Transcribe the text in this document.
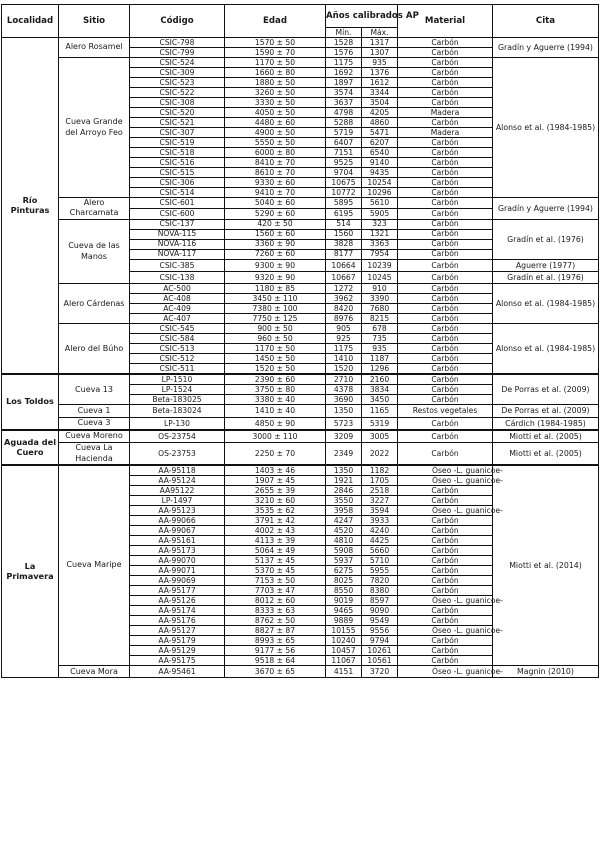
Localidad	Sitio	Código	Edad	Años calibrados AP		Material	Cita
				Mín.	Máx.		
Río Pinturas	Alero Rosamel	CSIC-798	1570 ± 50	1528	1317	Carbón	Gradín y Aguerre (1994)
		CSIC-799	1590 ± 70	1576	1307	Carbón	
	Cueva Grande del Arroyo Feo	CSIC-524	1170 ± 50	1175	935	Carbón	Alonso et al. (1984-1985)
		CSIC-309	1660 ± 80	1692	1376	Carbón	
		CSIC-523	1880 ± 50	1897	1612	Carbón	
		CSIC-522	3260 ± 50	3574	3344	Carbón	
		CSIC-308	3330 ± 50	3637	3504	Carbón	
		CSIC-520	4050 ± 50	4798	4205	Madera	
		CSIC-521	4480 ± 60	5288	4860	Carbón	
		CSIC-307	4900 ± 50	5719	5471	Madera	
		CSIC-519	5550 ± 50	6407	6207	Carbón	
		CSIC-518	6000 ± 80	7151	6540	Carbón	
		CSIC-516	8410 ± 70	9525	9140	Carbón	
		CSIC-515	8610 ± 70	9704	9435	Carbón	
		CSIC-306	9330 ± 60	10675	10254	Carbón	
		CSIC-514	9410 ± 70	10772	10296	Carbón	
	Alero Charcamata	CSIC-601	5040 ± 60	5895	5610	Carbón	Gradín y Aguerre (1994)
		CSIC-600	5290 ± 60	6195	5905	Carbón	
	Cueva de las Manos	CSIC-137	420 ± 50	514	323	Carbón	Gradín et al. (1976)
		NOVA-115	1560 ± 60	1560	1321	Carbón	
		NOVA-116	3360 ± 90	3828	3363	Carbón	
		NOVA-117	7260 ± 60	8177	7954	Carbón	
		CSIC-385	9300 ± 90	10664	10239	Carbón	Aguerre (1977)
		CSIC-138	9320 ± 90	10667	10245	Carbón	Gradín et al. (1976)
	Alero Cárdenas	AC-500	1180 ± 85	1272	910	Carbón	Alonso et al. (1984-1985)
		AC-408	3450 ± 110	3962	3390	Carbón	
		AC-409	7380 ± 100	8420	7680	Carbón	
		AC-407	7750 ± 125	8976	8215	Carbón	
	Alero del Búho	CSIC-545	900 ± 50	905	678	Carbón	Alonso et al. (1984-1985)
		CSIC-584	960 ± 50	925	735	Carbón	
		CSIC-513	1170 ± 50	1175	935	Carbón	
		CSIC-512	1450 ± 50	1410	1187	Carbón	
		CSIC-511	1520 ± 50	1520	1296	Carbón	
Los Toldos	Cueva 13	LP-1510	2390 ± 60	2710	2160	Carbón	De Porras et al. (2009)
		LP-1524	3750 ± 80	4378	3834	Carbón	
		Beta-183025	3380 ± 40	3690	3450	Carbón	
	Cueva 1	Beta-183024	1410 ± 40	1350	1165	Restos vegetales	De Porras et al. (2009)
	Cueva 3	LP-130	4850 ± 90	5723	5319	Carbón	Cárdich (1984-1985)
Aguada del Cuero	Cueva Moreno	OS-23754	3000 ± 110	3209	3005	Carbón	Miotti et al. (2005)
	Cueva La Hacienda	OS-23753	2250 ± 70	2349	2022	Carbón	Miotti et al. (2005)
La Primavera	Cueva Maripe	AA-95118	1403 ± 46	1350	1182	Óseo -L. guanicoe-	Miotti et al. (2014)
		AA-95124	1907 ± 45	1921	1705	Óseo -L. guanicoe-	
		AA95122	2655 ± 39	2846	2518	Carbón	
		LP-1497	3210 ± 60	3550	3227	Carbón	
		AA-95123	3535 ± 62	3958	3594	Óseo -L. guanicoe-	
		AA-99066	3791 ± 42	4247	3933	Carbón	
		AA-99067	4002 ± 43	4520	4240	Carbón	
		AA-95161	4113 ± 39	4810	4425	Carbón	
		AA-95173	5064 ± 49	5908	5660	Carbón	
		AA-99070	5137 ± 45	5937	5710	Carbón	
		AA-99071	5370 ± 45	6275	5955	Carbón	
		AA-99069	7153 ± 50	8025	7820	Carbón	
		AA-95177	7703 ± 47	8550	8380	Carbón	
		AA-95126	8012 ± 60	9019	8597	Óseo -L. guanicoe-	
		AA-95174	8333 ± 63	9465	9090	Carbón	
		AA-95176	8762 ± 50	9889	9549	Carbón	
		AA-95127	8827 ± 87	10155	9556	Óseo -L. guanicoe-	
		AA-95179	8993 ± 65	10240	9794	Carbón	
		AA-95129	9177 ± 56	10457	10261	Carbón	
		AA-95175	9518 ± 64	11067	10561	Carbón	
	Cueva Mora	AA-95461	3670 ± 65	4151	3720	Óseo -L. guanicoe-	Magnin (2010)
